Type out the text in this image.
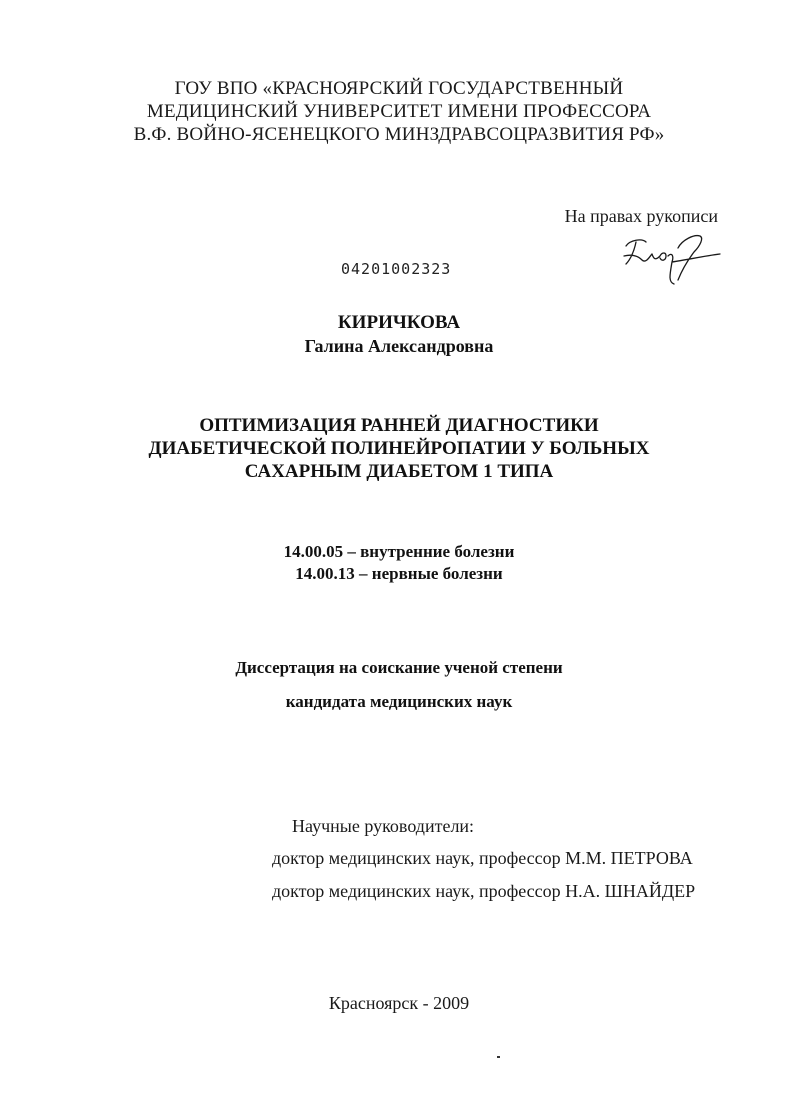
ГОУ ВПО «КРАСНОЯРСКИЙ ГОСУДАРСТВЕННЫЙ
МЕДИЦИНСКИЙ УНИВЕРСИТЕТ ИМЕНИ ПРОФЕССОРА
В.Ф. ВОЙНО-ЯСЕНЕЦКОГО МИНЗДРАВСОЦРАЗВИТИЯ РФ»
На правах рукописи
04201002323
КИРИЧКОВА
Галина Александровна
ОПТИМИЗАЦИЯ РАННЕЙ ДИАГНОСТИКИ
ДИАБЕТИЧЕСКОЙ ПОЛИНЕЙРОПАТИИ У БОЛЬНЫХ
САХАРНЫМ ДИАБЕТОМ 1 ТИПА
14.00.05 – внутренние болезни
14.00.13 – нервные болезни
Диссертация на соискание ученой степени
кандидата медицинских наук
Научные руководители:
доктор медицинских наук, профессор М.М. ПЕТРОВА
доктор медицинских наук, профессор Н.А. ШНАЙДЕР
Красноярск - 2009
